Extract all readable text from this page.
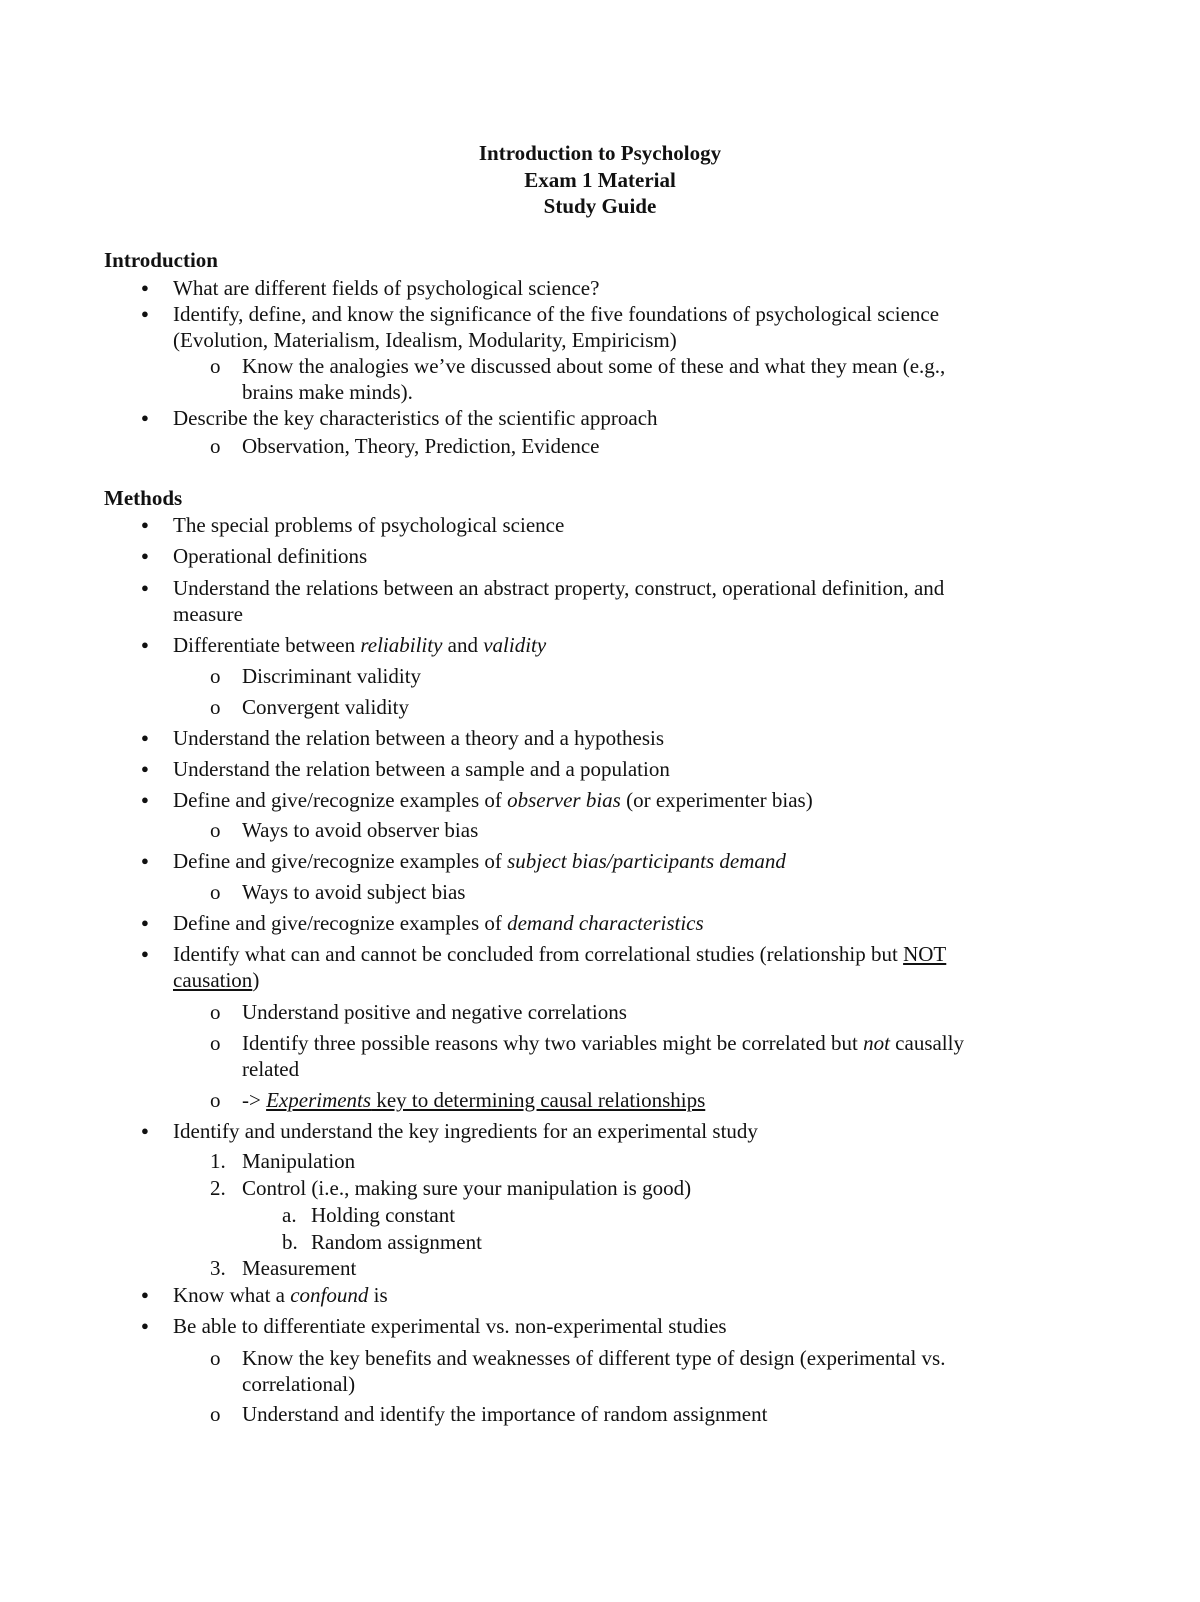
Introduction to Psychology
Exam 1 Material
Study Guide
Introduction
● What are different fields of psychological science?
● Identify, define, and know the significance of the five foundations of psychological science
(Evolution, Materialism, Idealism, Modularity, Empiricism)
o Know the analogies we’ve discussed about some of these and what they mean (e.g.,
brains make minds).
● Describe the key characteristics of the scientific approach
o Observation, Theory, Prediction, Evidence
Methods
● The special problems of psychological science
● Operational definitions
● Understand the relations between an abstract property, construct, operational definition, and
measure
● Differentiate between reliability and validity
o Discriminant validity
o Convergent validity
● Understand the relation between a theory and a hypothesis
● Understand the relation between a sample and a population
● Define and give/recognize examples of observer bias (or experimenter bias)
o Ways to avoid observer bias
● Define and give/recognize examples of subject bias/participants demand
o Ways to avoid subject bias
● Define and give/recognize examples of demand characteristics
● Identify what can and cannot be concluded from correlational studies (relationship but NOT
causation)
o Understand positive and negative correlations
o Identify three possible reasons why two variables might be correlated but not causally
related
o -> Experiments key to determining causal relationships
● Identify and understand the key ingredients for an experimental study
1. Manipulation
2. Control (i.e., making sure your manipulation is good)
a. Holding constant
b. Random assignment
3. Measurement
● Know what a confound is
● Be able to differentiate experimental vs. non-experimental studies
o Know the key benefits and weaknesses of different type of design (experimental vs.
correlational)
o Understand and identify the importance of random assignment
